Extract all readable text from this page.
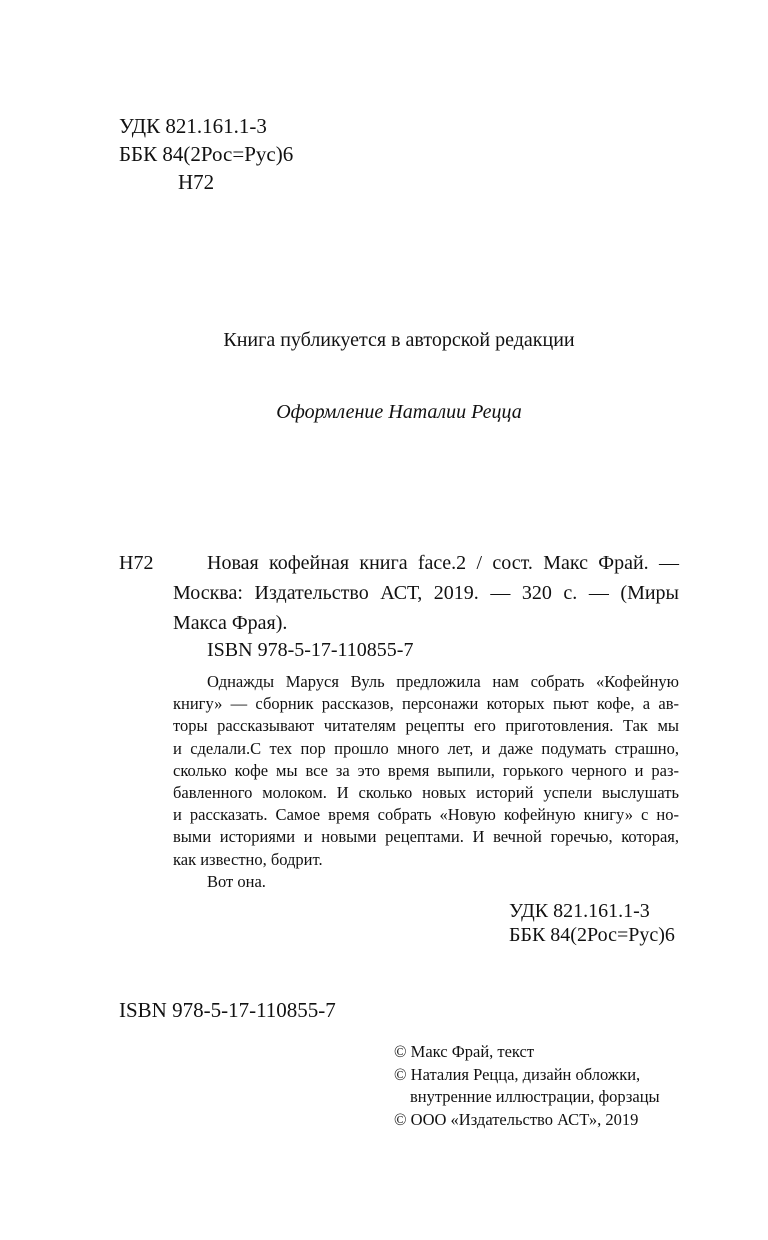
УДК 821.161.1-3
ББК 84(2Рос=Рус)6
Н72
Книга публикуется в авторской редакции
Оформление Наталии Рецца
Н72	Новая кофейная книга face.2 / сост. Макс Фрай. —
Москва: Издательство АСТ, 2019. — 320 с. — (Миры
Макса Фрая).
ISBN 978-5-17-110855-7
Однажды Маруся Вуль предложила нам собрать «Кофейную
книгу» — сборник рассказов, персонажи которых пьют кофе, а ав-
торы рассказывают читателям рецепты его приготовления. Так мы
и сделали.С тех пор прошло много лет, и даже подумать страшно,
сколько кофе мы все за это время выпили, горького черного и раз-
бавленного молоком. И сколько новых историй успели выслушать
и рассказать. Самое время собрать «Новую кофейную книгу» с но-
выми историями и новыми рецептами. И вечной горечью, которая,
как известно, бодрит.
Вот она.
УДК 821.161.1-3
ББК 84(2Рос=Рус)6
ISBN 978-5-17-110855-7
© Макс Фрай, текст
© Наталия Рецца, дизайн обложки,
внутренние иллюстрации, форзацы
© ООО «Издательство АСТ», 2019
